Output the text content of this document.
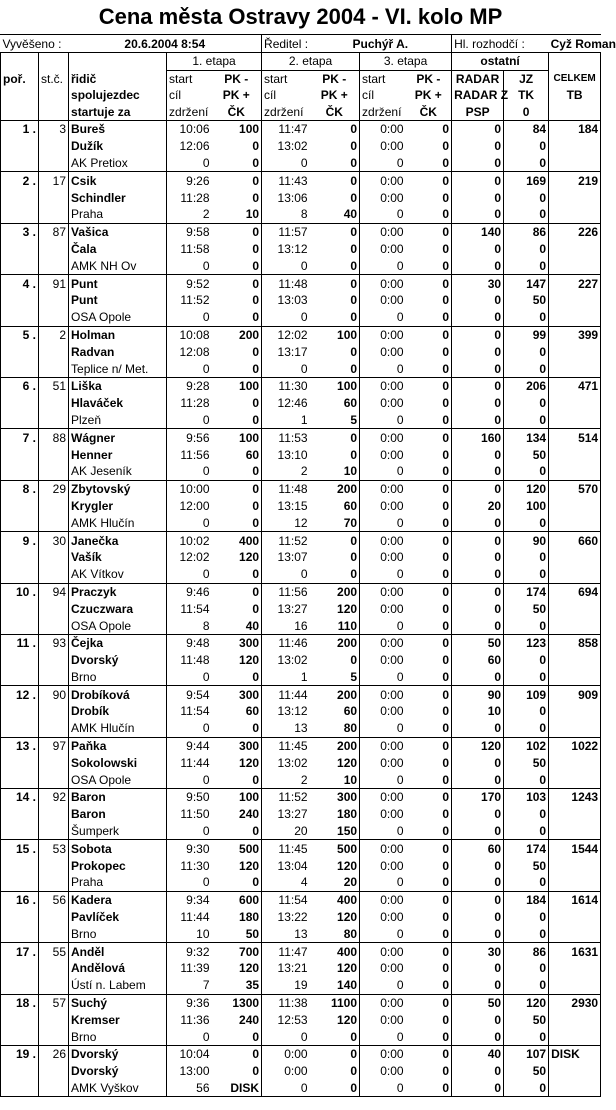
Cena města Ostravy 2004 - VI. kolo MP
Vyvěšeno :		20.6.2004 8:54			Ředitel :	Puchýř A.			Hl. rozhodčí :		Cyž Roman
			1. etapa		2. etapa		3. etapa		ostatní		
poř.	st.č.	řidič	start	PK -	start	PK -	start	PK -	RADAR	JZ	CELKEM
		spolujezdec	cíl	PK +	cíl	PK +	cíl	PK +	RADAR Z	TK	TB
		startuje za	zdržení	ČK	zdržení	ČK	zdržení	ČK	PSP	0	
1 .	3	Bureš	10:06	100	11:47	0	0:00	0	0	84	184
		Dužík	12:06	0	13:02	0	0:00	0	0	0	
		AK Pretiox	0	0	0	0	0	0	0	0	
2 .	17	Csik	9:26	0	11:43	0	0:00	0	0	169	219
		Schindler	11:28	0	13:06	0	0:00	0	0	0	
		Praha	2	10	8	40	0	0	0	0	
3 .	87	Vašica	9:58	0	11:57	0	0:00	0	140	86	226
		Čala	11:58	0	13:12	0	0:00	0	0	0	
		AMK NH Ov	0	0	0	0	0	0	0	0	
4 .	91	Punt	9:52	0	11:48	0	0:00	0	30	147	227
		Punt	11:52	0	13:03	0	0:00	0	0	50	
		OSA Opole	0	0	0	0	0	0	0	0	
5 .	2	Holman	10:08	200	12:02	100	0:00	0	0	99	399
		Radvan	12:08	0	13:17	0	0:00	0	0	0	
		Teplice n/ Met.	0	0	0	0	0	0	0	0	
6 .	51	Liška	9:28	100	11:30	100	0:00	0	0	206	471
		Hlaváček	11:28	0	12:46	60	0:00	0	0	0	
		Plzeň	0	0	1	5	0	0	0	0	
7 .	88	Wágner	9:56	100	11:53	0	0:00	0	160	134	514
		Henner	11:56	60	13:10	0	0:00	0	0	50	
		AK Jeseník	0	0	2	10	0	0	0	0	
8 .	29	Zbytovský	10:00	0	11:48	200	0:00	0	0	120	570
		Krygler	12:00	0	13:15	60	0:00	0	20	100	
		AMK Hlučín	0	0	12	70	0	0	0	0	
9 .	30	Janečka	10:02	400	11:52	0	0:00	0	0	90	660
		Vašík	12:02	120	13:07	0	0:00	0	0	0	
		AK Vítkov	0	0	0	0	0	0	0	0	
10 .	94	Praczyk	9:46	0	11:56	200	0:00	0	0	174	694
		Czuczwara	11:54	0	13:27	120	0:00	0	0	50	
		OSA Opole	8	40	16	110	0	0	0	0	
11 .	93	Čejka	9:48	300	11:46	200	0:00	0	50	123	858
		Dvorský	11:48	120	13:02	0	0:00	0	60	0	
		Brno	0	0	1	5	0	0	0	0	
12 .	90	Drobíková	9:54	300	11:44	200	0:00	0	90	109	909
		Drobík	11:54	60	13:12	60	0:00	0	10	0	
		AMK Hlučín	0	0	13	80	0	0	0	0	
13 .	97	Paňka	9:44	300	11:45	200	0:00	0	120	102	1022
		Sokolowski	11:44	120	13:02	120	0:00	0	0	50	
		OSA Opole	0	0	2	10	0	0	0	0	
14 .	92	Baron	9:50	100	11:52	300	0:00	0	170	103	1243
		Baron	11:50	240	13:27	180	0:00	0	0	0	
		Šumperk	0	0	20	150	0	0	0	0	
15 .	53	Sobota	9:30	500	11:45	500	0:00	0	60	174	1544
		Prokopec	11:30	120	13:04	120	0:00	0	0	50	
		Praha	0	0	4	20	0	0	0	0	
16 .	56	Kadera	9:34	600	11:54	400	0:00	0	0	184	1614
		Pavlíček	11:44	180	13:22	120	0:00	0	0	0	
		Brno	10	50	13	80	0	0	0	0	
17 .	55	Anděl	9:32	700	11:47	400	0:00	0	30	86	1631
		Andělová	11:39	120	13:21	120	0:00	0	0	0	
		Ústí n. Labem	7	35	19	140	0	0	0	0	
18 .	57	Suchý	9:36	1300	11:38	1100	0:00	0	50	120	2930
		Kremser	11:36	240	12:53	120	0:00	0	0	50	
		Brno	0	0	0	0	0	0	0	0	
19 .	26	Dvorský	10:04	0	0:00	0	0:00	0	40	107	DISK
		Dvorský	13:00	0	0:00	0	0:00	0	0	50	
		AMK Vyškov	56	DISK	0	0	0	0	0	0	
